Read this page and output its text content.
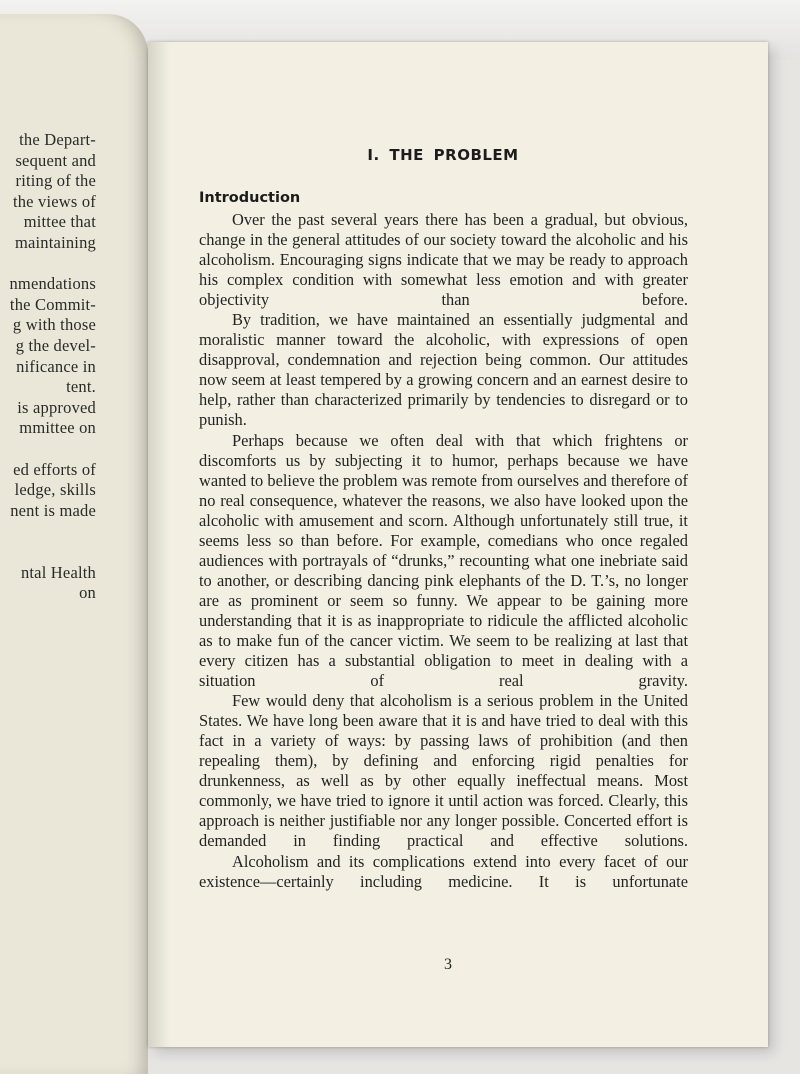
the Depart-
sequent and
riting of the
the views of
mittee that
maintaining
nmendations
the Commit-
g with those
g the devel-
nificance in
tent.
is approved
mmittee on
ed efforts of
ledge, skills
nent is made
ntal Health
on
I. THE PROBLEM
Introduction

Over the past several years there has been a gradual, but obvious, change in the general attitudes of our society toward the alcoholic and his alcoholism. Encouraging signs indicate that we may be ready to approach his complex condition with somewhat less emotion and with greater objectivity than before.

By tradition, we have maintained an essentially judgmental and moralistic manner toward the alcoholic, with expressions of open disapproval, condemnation and rejection being common. Our attitudes now seem at least tempered by a growing concern and an earnest desire to help, rather than characterized primarily by tendencies to disregard or to punish.

Perhaps because we often deal with that which frightens or discomforts us by subjecting it to humor, perhaps because we have wanted to believe the problem was remote from ourselves and therefore of no real consequence, whatever the reasons, we also have looked upon the alcoholic with amusement and scorn. Although unfortunately still true, it seems less so than before. For example, comedians who once regaled audiences with portrayals of “drunks,” recounting what one inebriate said to another, or describing dancing pink elephants of the D. T.’s, no longer are as prominent or seem so funny. We appear to be gaining more understanding that it is as inappropriate to ridicule the afflicted alcoholic as to make fun of the cancer victim. We seem to be realizing at last that every citizen has a substantial obligation to meet in dealing with a situation of real gravity.

Few would deny that alcoholism is a serious problem in the United States. We have long been aware that it is and have tried to deal with this fact in a variety of ways: by passing laws of prohibition (and then repealing them), by defining and enforcing rigid penalties for drunkenness, as well as by other equally ineffectual means. Most commonly, we have tried to ignore it until action was forced. Clearly, this approach is neither justifiable nor any longer possible. Concerted effort is demanded in finding practical and effective solutions.

Alcoholism and its complications extend into every facet of our existence—certainly including medicine. It is unfortunate

3
